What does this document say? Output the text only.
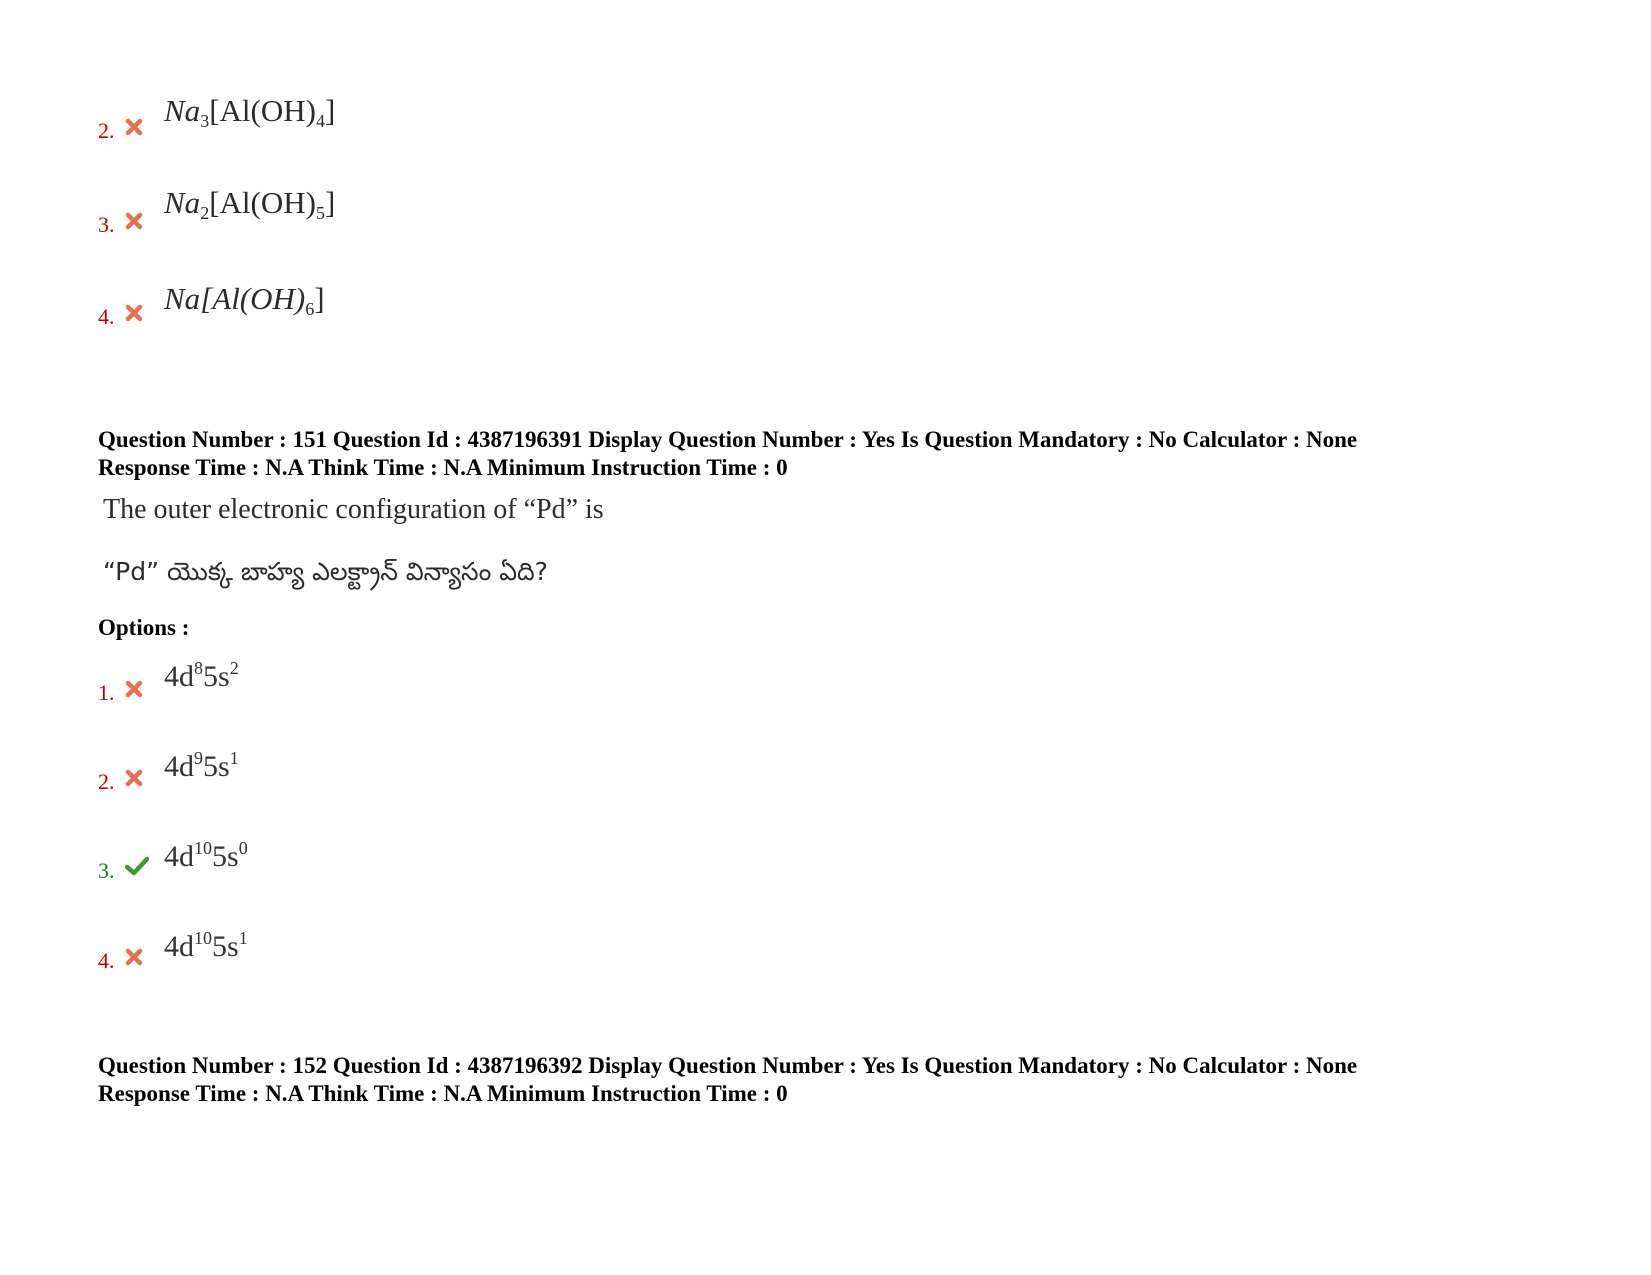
2.
$Na_3[Al(OH)_4]$
3.
$Na_2[Al(OH)_5]$
4.
$Na[Al(OH)_6]$
Question Number : 151 Question Id : 4387196391 Display Question Number : Yes Is Question Mandatory : No Calculator : None
Response Time : N.A Think Time : N.A Minimum Instruction Time : 0
The outer electronic configuration of “Pd” is
“Pd” యొక్క బాహ్య ఎలక్ట్రాన్ విన్యాసం ఏది?
Options :
1. $4d^85s^2$
2. $4d^95s^1$
3. $4d^{10}5s^0$
4. $4d^{10}5s^1$
Question Number : 152 Question Id : 4387196392 Display Question Number : Yes Is Question Mandatory : No Calculator : None
Response Time : N.A Think Time : N.A Minimum Instruction Time : 0
